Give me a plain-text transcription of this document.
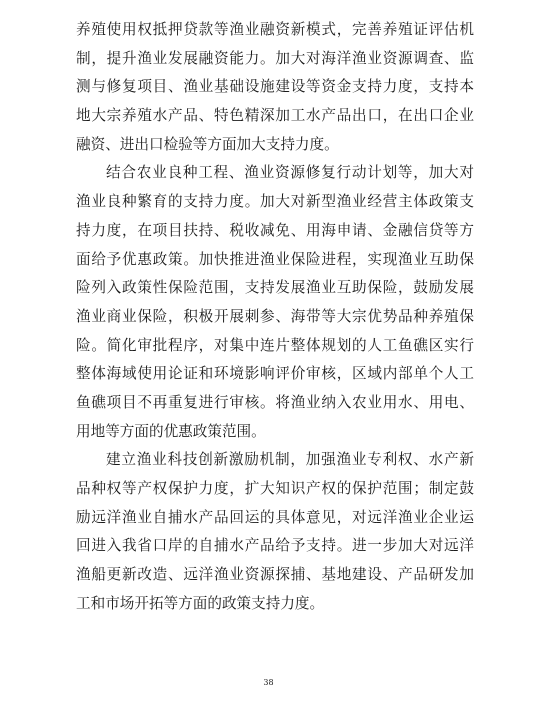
养殖使用权抵押贷款等渔业融资新模式，完善养殖证评估机
制，提升渔业发展融资能力。加大对海洋渔业资源调查、监
测与修复项目、渔业基础设施建设等资金支持力度，支持本
地大宗养殖水产品、特色精深加工水产品出口，在出口企业
融资、进出口检验等方面加大支持力度。
结合农业良种工程、渔业资源修复行动计划等，加大对
渔业良种繁育的支持力度。加大对新型渔业经营主体政策支
持力度，在项目扶持、税收减免、用海申请、金融信贷等方
面给予优惠政策。加快推进渔业保险进程，实现渔业互助保
险列入政策性保险范围，支持发展渔业互助保险，鼓励发展
渔业商业保险，积极开展刺参、海带等大宗优势品种养殖保
险。简化审批程序，对集中连片整体规划的人工鱼礁区实行
整体海域使用论证和环境影响评价审核，区域内部单个人工
鱼礁项目不再重复进行审核。将渔业纳入农业用水、用电、
用地等方面的优惠政策范围。
建立渔业科技创新激励机制，加强渔业专利权、水产新
品种权等产权保护力度，扩大知识产权的保护范围；制定鼓
励远洋渔业自捕水产品回运的具体意见，对远洋渔业企业运
回进入我省口岸的自捕水产品给予支持。进一步加大对远洋
渔船更新改造、远洋渔业资源探捕、基地建设、产品研发加
工和市场开拓等方面的政策支持力度。
38
